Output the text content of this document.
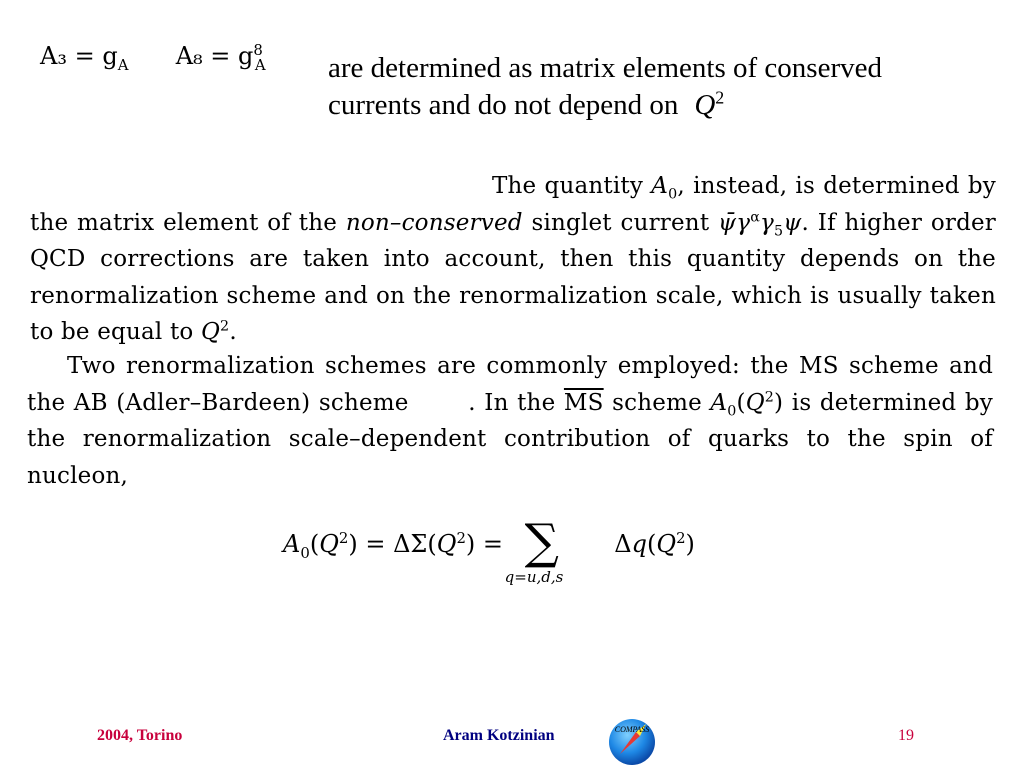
$A_3 = g_A$ $A_8 = g^8_A$ are determined as matrix elements of conserved
currents and do not depend on $Q^2$
The quantity $A_0$, instead, is determined by the matrix element of the non–conserved singlet current $\psī\gamma^\alpha\gamma_5\psi$. If higher order QCD corrections are taken into account, then this quantity depends on the renormalization scheme and on the renormalization scale, which is usually taken to be equal to $Q^2$.
Two renormalization schemes are commonly employed: the MS scheme and the AB (Adler–Bardeen) scheme       . In the $\overline{MS}$ scheme $A_0(Q^2)$ is determined by the renormalization scale–dependent contribution of quarks to the spin of nucleon,
$A_0(Q^2) = \Delta\Sigma(Q^2)$ = ∑
q=u,d,s
$\Delta q(Q^2)$
2004, Torino	Aram Kotzinian	19
COMPASS
